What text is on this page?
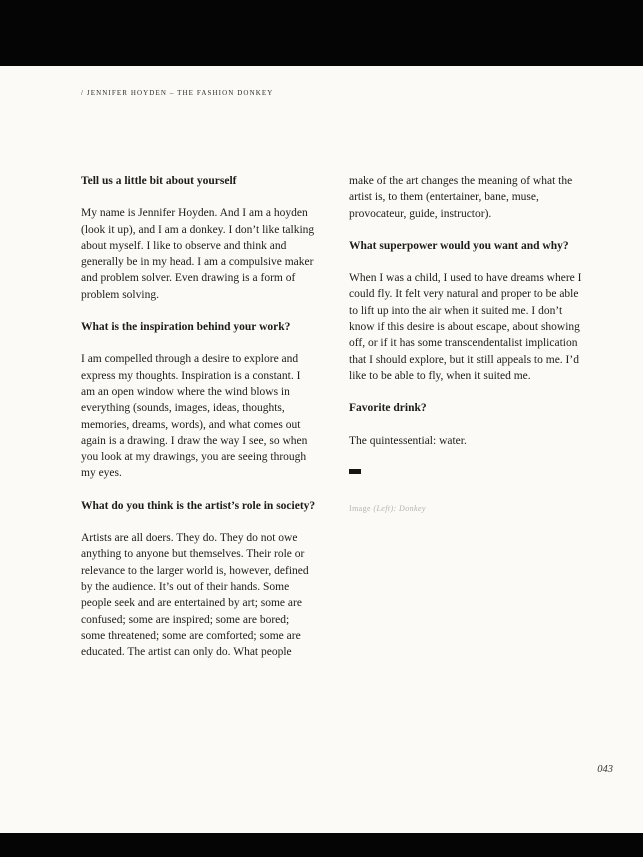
/ JENNIFER HOYDEN – THE FASHION DONKEY
Tell us a little bit about yourself

My name is Jennifer Hoyden. And I am a hoyden (look it up), and I am a donkey. I don’t like talking about myself. I like to observe and think and generally be in my head. I am a compulsive maker and problem solver. Even drawing is a form of problem solving.

What is the inspiration behind your work?

I am compelled through a desire to explore and express my thoughts. Inspiration is a constant. I am an open window where the wind blows in everything (sounds, images, ideas, thoughts, memories, dreams, words), and what comes out again is a drawing. I draw the way I see, so when you look at my drawings, you are seeing through my eyes.

What do you think is the artist’s role in society?

Artists are all doers. They do. They do not owe anything to anyone but themselves. Their role or relevance to the larger world is, however, defined by the audience. It’s out of their hands. Some people seek and are entertained by art; some are confused; some are inspired; some are bored; some threatened; some are comforted; some are educated. The artist can only do. What people

make of the art changes the meaning of what the artist is, to them (entertainer, bane, muse, provocateur, guide, instructor).

What superpower would you want and why?

When I was a child, I used to have dreams where I could fly. It felt very natural and proper to be able to lift up into the air when it suited me. I don’t know if this desire is about escape, about showing off, or if it has some transcendentalist implication that I should explore, but it still appeals to me. I’d like to be able to fly, when it suited me.

Favorite drink?

The quintessential: water.

Image (Left): Donkey
043
